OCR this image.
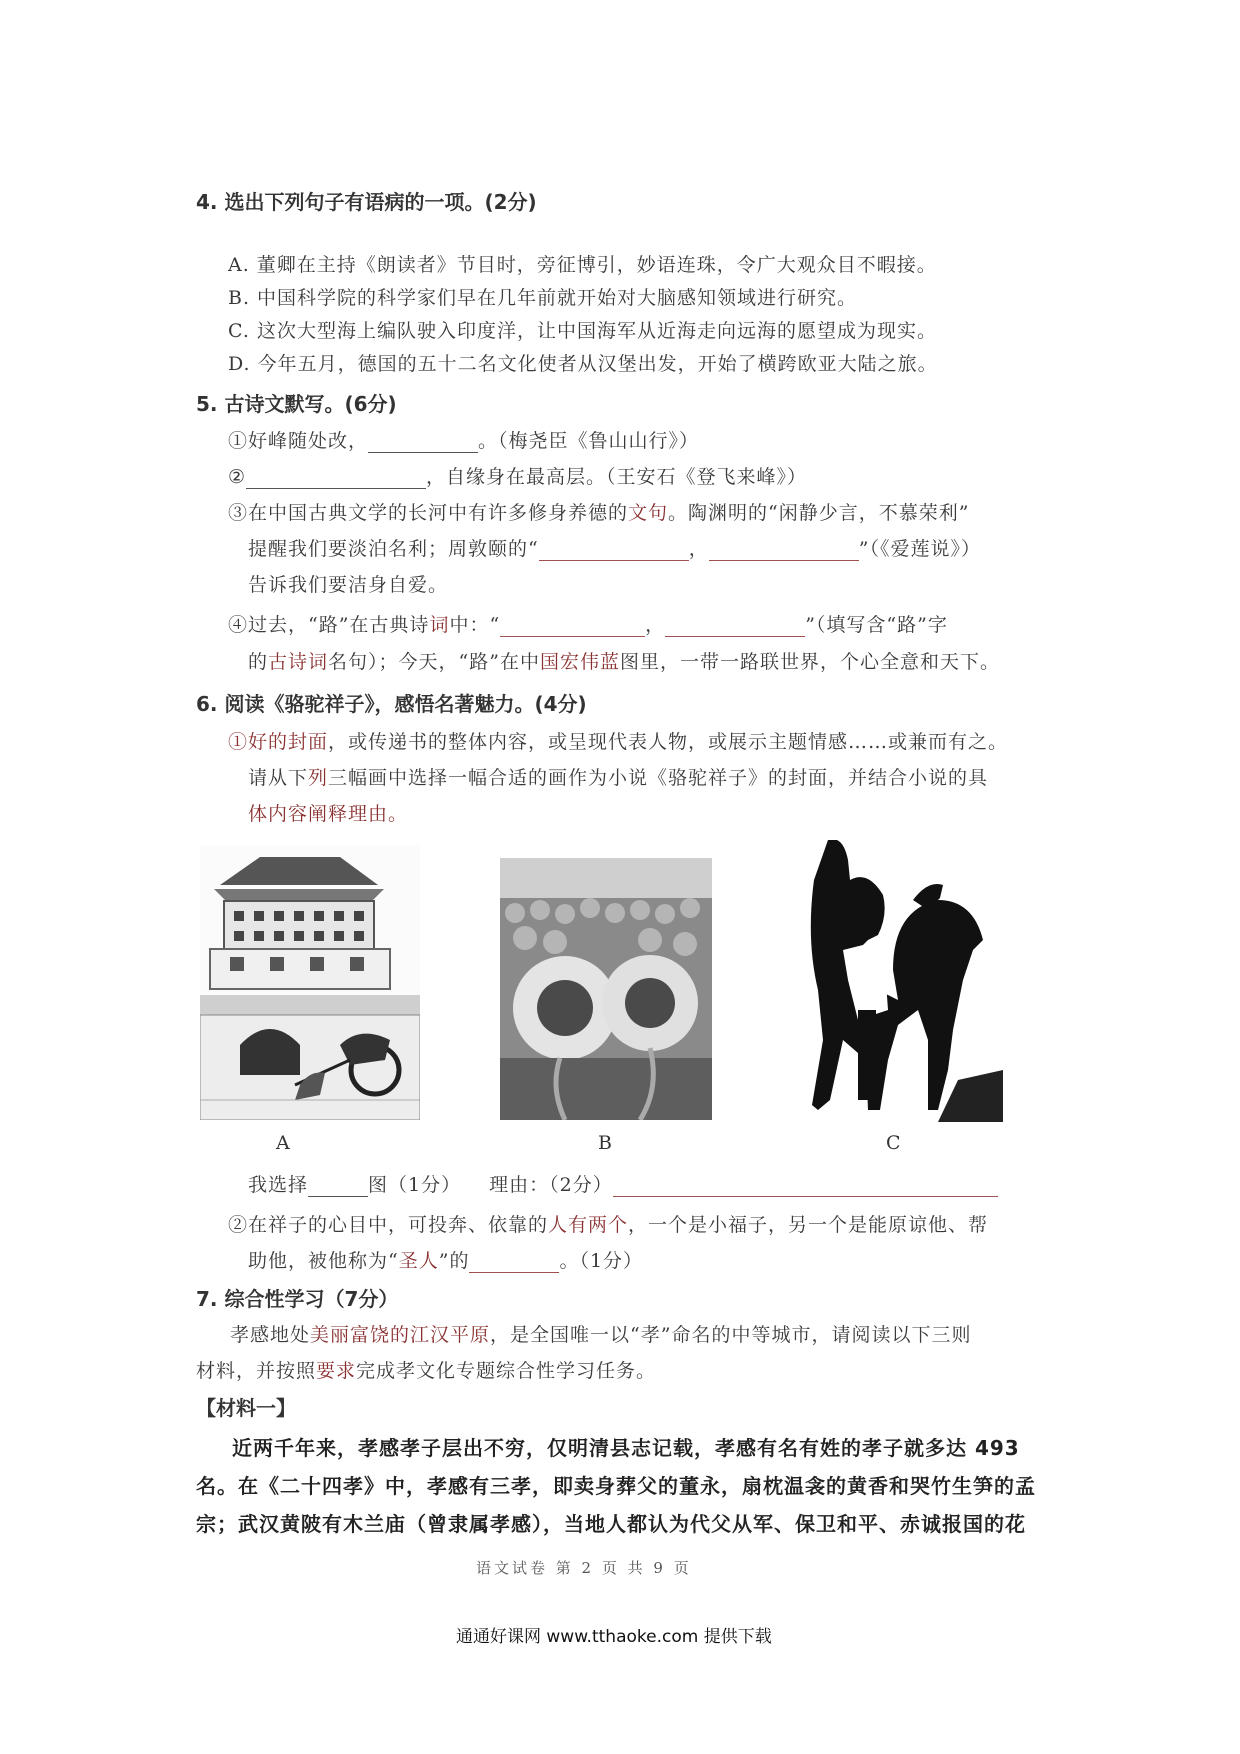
4. 选出下列句子有语病的一项。(2分)
A. 董卿在主持《朗读者》节目时，旁征博引，妙语连珠，令广大观众目不暇接。
B. 中国科学院的科学家们早在几年前就开始对大脑感知领域进行研究。
C. 这次大型海上编队驶入印度洋，让中国海军从近海走向远海的愿望成为现实。
D. 今年五月，德国的五十二名文化使者从汉堡出发，开始了横跨欧亚大陆之旅。
5. 古诗文默写。(6分)
①好峰随处改，	。（梅尧臣《鲁山山行》）
②	，自缘身在最高层。（王安石《登飞来峰》）
③在中国古典文学的长河中有许多修身养德的文句。陶渊明的“闲静少言，不慕荣利”
提醒我们要淡泊名利；周敦颐的“	，	”（《爱莲说》）
告诉我们要洁身自爱。
④过去，“路”在古典诗词中：“	，	”（填写含“路”字
的古诗词名句）；今天，“路”在中国宏伟蓝图里，一带一路联世界，个心全意和天下。
6. 阅读《骆驼祥子》，感悟名著魅力。(4分)
①好的封面，或传递书的整体内容，或呈现代表人物，或展示主题情感……或兼而有之。
请从下列三幅画中选择一幅合适的画作为小说《骆驼祥子》的封面，并结合小说的具
体内容阐释理由。
A	B	C
我选择	图（1分） 理由：（2分）
②在祥子的心目中，可投奔、依靠的人有两个，一个是小福子，另一个是能原谅他、帮
助他，被他称为“圣人”的	。（1分）
7. 综合性学习（7分）
孝感地处美丽富饶的江汉平原，是全国唯一以“孝”命名的中等城市，请阅读以下三则
材料，并按照要求完成孝文化专题综合性学习任务。
【材料一】
近两千年来，孝感孝子层出不穷，仅明清县志记载，孝感有名有姓的孝子就多达 493
名。在《二十四孝》中，孝感有三孝，即卖身葬父的董永，扇枕温衾的黄香和哭竹生笋的孟
宗；武汉黄陂有木兰庙（曾隶属孝感），当地人都认为代父从军、保卫和平、赤诚报国的花
语文试卷 第 2 页 共 9 页
通通好课网 www.tthaoke.com 提供下载
